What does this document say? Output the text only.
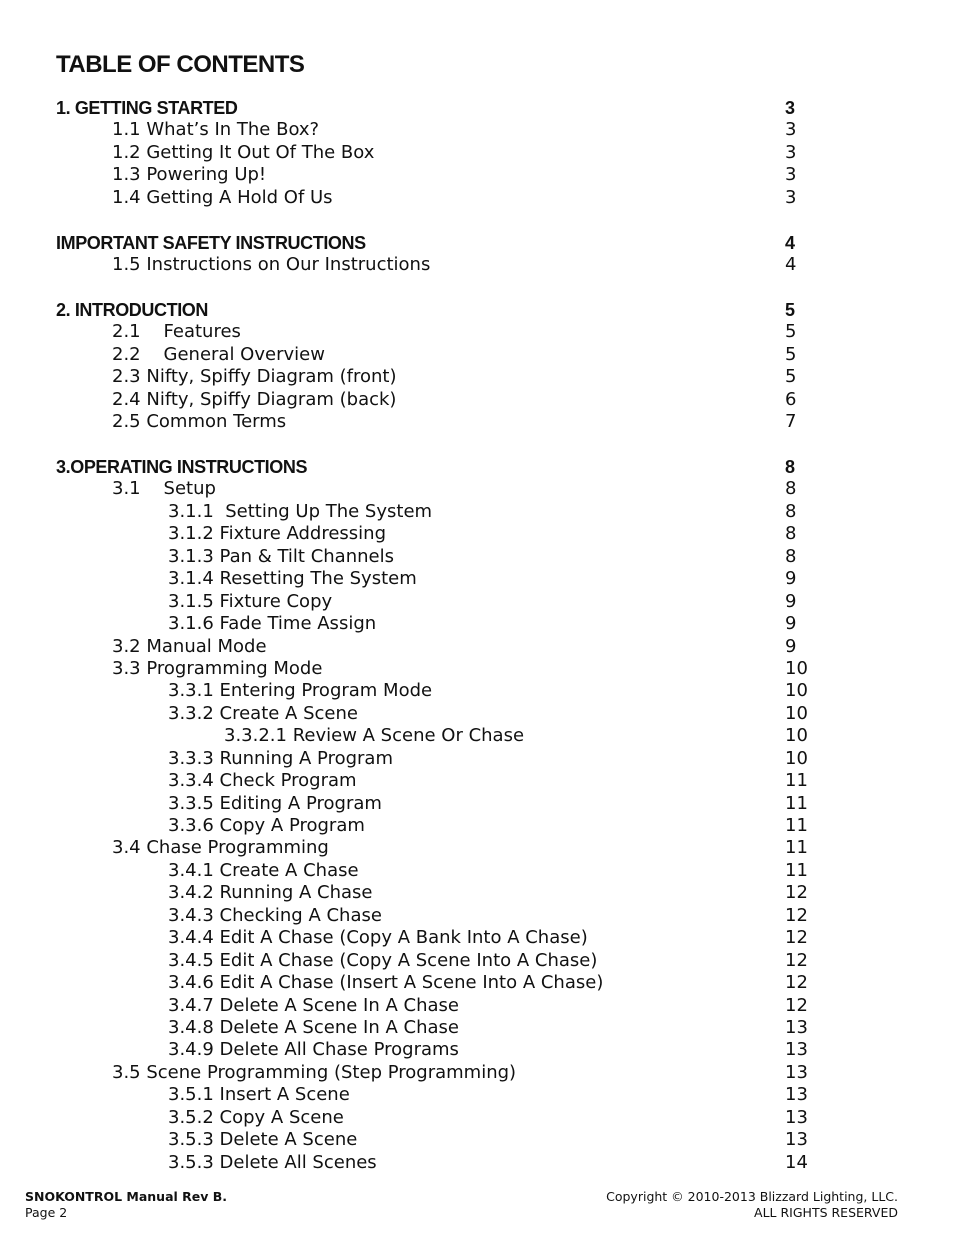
TABLE OF CONTENTS
1. GETTING STARTED	3
1.1 What’s In The Box?	3
1.2 Getting It Out Of The Box	3
1.3 Powering Up!	3
1.4 Getting A Hold Of Us	3
IMPORTANT SAFETY INSTRUCTIONS	4
1.5 Instructions on Our Instructions	4
2. INTRODUCTION	5
2.1    Features	5
2.2    General Overview	5
2.3 Nifty, Spiffy Diagram (front)	5
2.4 Nifty, Spiffy Diagram (back)	6
2.5 Common Terms	7
3.OPERATING INSTRUCTIONS	8
3.1    Setup	8
3.1.1  Setting Up The System	8
3.1.2 Fixture Addressing	8
3.1.3 Pan & Tilt Channels	8
3.1.4 Resetting The System	9
3.1.5 Fixture Copy	9
3.1.6 Fade Time Assign	9
3.2 Manual Mode	9
3.3 Programming Mode	10
3.3.1 Entering Program Mode	10
3.3.2 Create A Scene	10
3.3.2.1 Review A Scene Or Chase	10
3.3.3 Running A Program	10
3.3.4 Check Program	11
3.3.5 Editing A Program	11
3.3.6 Copy A Program	11
3.4 Chase Programming	11
3.4.1 Create A Chase	11
3.4.2 Running A Chase	12
3.4.3 Checking A Chase	12
3.4.4 Edit A Chase (Copy A Bank Into A Chase)	12
3.4.5 Edit A Chase (Copy A Scene Into A Chase)	12
3.4.6 Edit A Chase (Insert A Scene Into A Chase)	12
3.4.7 Delete A Scene In A Chase	12
3.4.8 Delete A Scene In A Chase	13
3.4.9 Delete All Chase Programs	13
3.5 Scene Programming (Step Programming)	13
3.5.1 Insert A Scene	13
3.5.2 Copy A Scene	13
3.5.3 Delete A Scene	13
3.5.3 Delete All Scenes	14
SNOKONTROL Manual Rev B.
Page 2
Copyright © 2010-2013 Blizzard Lighting, LLC.
ALL RIGHTS RESERVED
